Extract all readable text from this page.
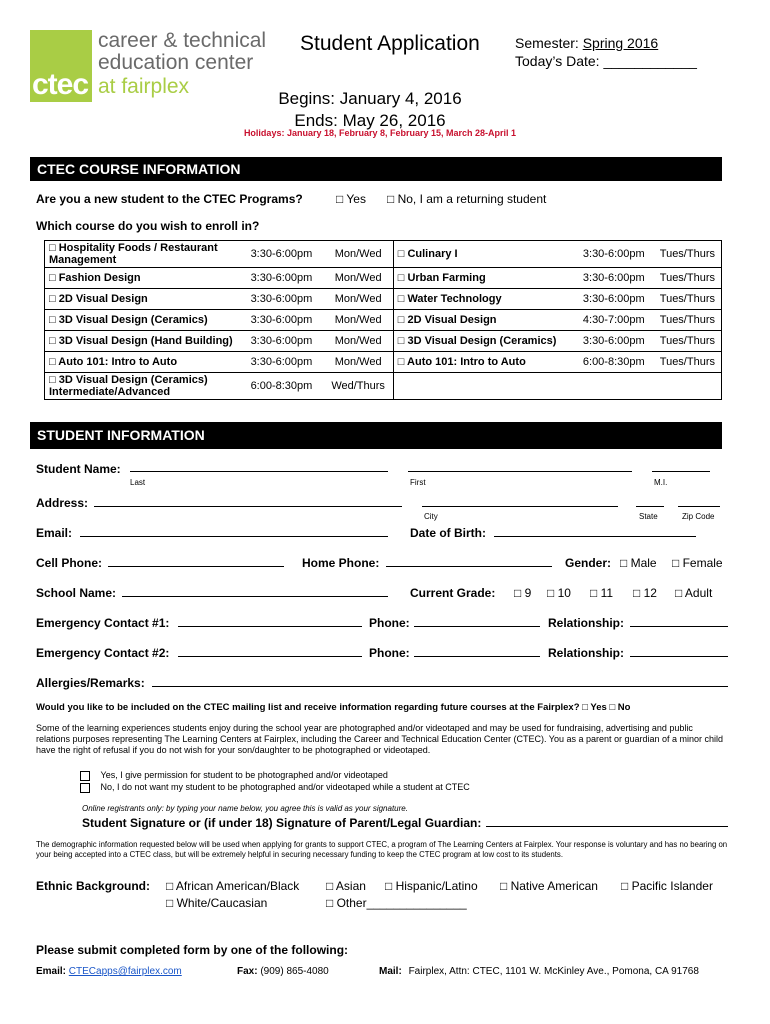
ctec
career & technical
education center
at fairplex
Student Application	Semester: Spring 2016
Today’s Date: ____________
Begins: January 4, 2016
Ends: May 26, 2016
Holidays: January 18, February 8, February 15, March 28-April 1
CTEC COURSE INFORMATION
Are you a new student to the CTEC Programs?	□ Yes □ No, I am a returning student
Which course do you wish to enroll in?
□ Hospitality Foods / Restaurant Management	3:30-6:00pm	Mon/Wed	□ Culinary I	3:30-6:00pm	Tues/Thurs
□ Fashion Design	3:30-6:00pm	Mon/Wed	□ Urban Farming	3:30-6:00pm	Tues/Thurs
□ 2D Visual Design	3:30-6:00pm	Mon/Wed	□ Water Technology	3:30-6:00pm	Tues/Thurs
□ 3D Visual Design (Ceramics)	3:30-6:00pm	Mon/Wed	□ 2D Visual Design	4:30-7:00pm	Tues/Thurs
□ 3D Visual Design (Hand Building)	3:30-6:00pm	Mon/Wed	□ 3D Visual Design (Ceramics)	3:30-6:00pm	Tues/Thurs
□ Auto 101: Intro to Auto	3:30-6:00pm	Mon/Wed	□ Auto 101: Intro to Auto	6:00-8:30pm	Tues/Thurs
□ 3D Visual Design (Ceramics) Intermediate/Advanced	6:00-8:30pm	Wed/Thurs			
STUDENT INFORMATION
Student Name:
Last	First	M.I.
Address:
City	State	Zip Code
Email:	Date of Birth:
Cell Phone:	Home Phone:	Gender: □ Male □ Female
School Name:	Current Grade: □ 9 □ 10 □ 11 □ 12 □ Adult
Emergency Contact #1:	Phone:	Relationship:
Emergency Contact #2:	Phone:	Relationship:
Allergies/Remarks:
Would you like to be included on the CTEC mailing list and receive information regarding future courses at the Fairplex? □ Yes □ No
Some of the learning experiences students enjoy during the school year are photographed and/or videotaped and may be used for fundraising, advertising and public relations purposes representing The Learning Centers at Fairplex, including the Career and Technical Education Center (CTEC). You as a parent or guardian of a minor child have the right of refusal if you do not wish for your son/daughter to be photographed or videotaped.
Yes, I give permission for student to be photographed and/or videotaped
No, I do not want my student to be photographed and/or videotaped while a student at CTEC
Online registrants only: by typing your name below, you agree this is valid as your signature.
Student Signature or (if under 18) Signature of Parent/Legal Guardian:
The demographic information requested below will be used when applying for grants to support CTEC, a program of The Learning Centers at Fairplex. Your response is voluntary and has no bearing on your being accepted into a CTEC class, but will be extremely helpful in securing necessary funding to keep the CTEC program at low cost to its students.
Ethnic Background: □ African American/Black □ Asian □ Hispanic/Latino □ Native American □ Pacific Islander
□ White/Caucasian	□ Other_______________
Please submit completed form by one of the following:
Email: CTECapps@fairplex.com	Fax: (909) 865-4080	Mail: Fairplex, Attn: CTEC, 1101 W. McKinley Ave., Pomona, CA 91768
